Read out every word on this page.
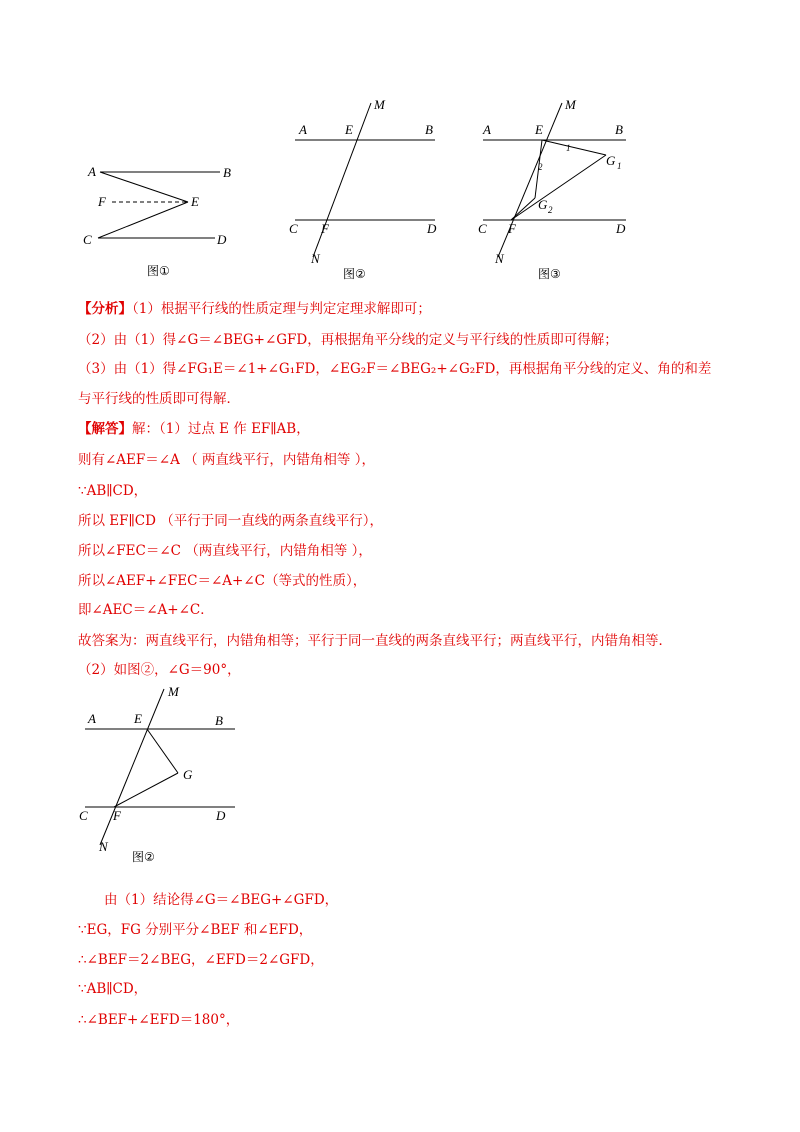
A	B
F	E
C	D
图①
M
A	E	B
C F	D
N
图②
M
A	E	B
1
2	G 1
G 2
C F	D
N
图③
【分析】（1）根据平行线的性质定理与判定定理求解即可；
（2）由（1）得∠G＝∠BEG+∠GFD，再根据角平分线的定义与平行线的性质即可得解；
（3）由（1）得∠FG₁E＝∠1+∠G₁FD，∠EG₂F＝∠BEG₂+∠G₂FD，再根据角平分线的定义、角的和差
与平行线的性质即可得解．
【解答】解：（1）过点 E 作 EF∥AB，
则有∠AEF＝∠A （ 两直线平行，内错角相等 ），
∵AB∥CD，
所以 EF∥CD （平行于同一直线的两条直线平行），
所以∠FEC＝∠C （两直线平行，内错角相等 ），
所以∠AEF+∠FEC＝∠A+∠C（等式的性质），
即∠AEC＝∠A+∠C．
故答案为：两直线平行，内错角相等；平行于同一直线的两条直线平行；两直线平行，内错角相等．
（2）如图②，∠G＝90°，
M
A	E	B
G
C F	D
N
图②
由（1）结论得∠G＝∠BEG+∠GFD，
∵EG，FG 分别平分∠BEF 和∠EFD，
∴∠BEF＝2∠BEG，∠EFD＝2∠GFD，
∵AB∥CD，
∴∠BEF+∠EFD＝180°，
